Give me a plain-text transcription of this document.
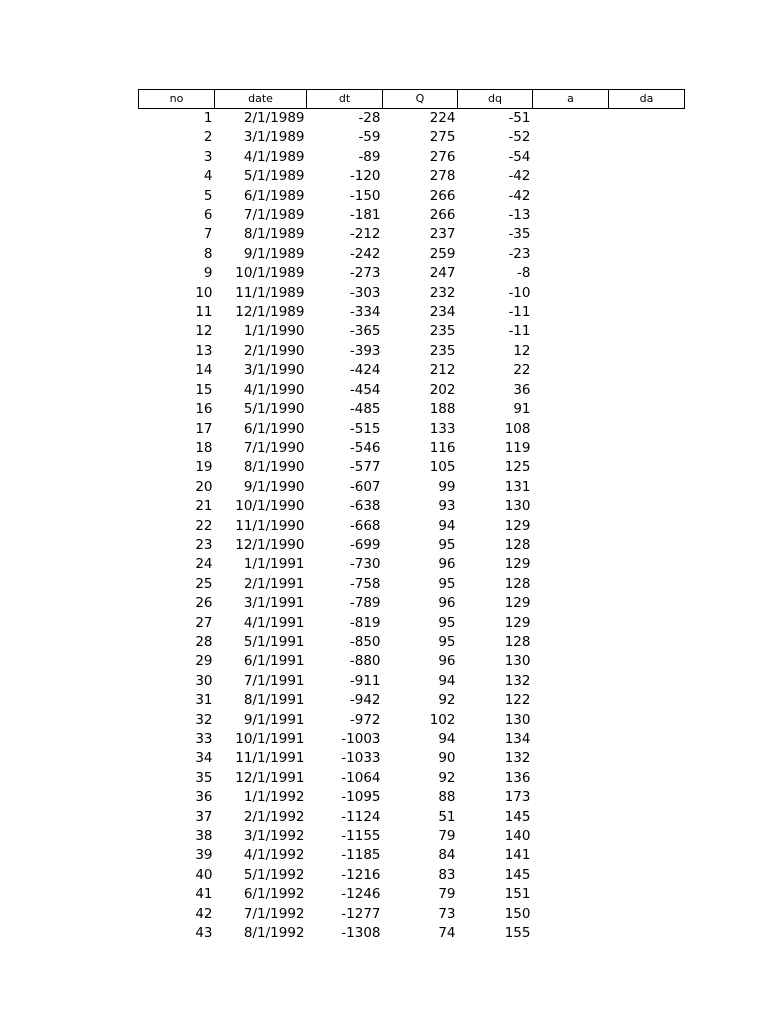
no	date	dt	Q	dq	a	da
1	2/1/1989	-28	224	-51		
2	3/1/1989	-59	275	-52		
3	4/1/1989	-89	276	-54		
4	5/1/1989	-120	278	-42		
5	6/1/1989	-150	266	-42		
6	7/1/1989	-181	266	-13		
7	8/1/1989	-212	237	-35		
8	9/1/1989	-242	259	-23		
9	10/1/1989	-273	247	-8		
10	11/1/1989	-303	232	-10		
11	12/1/1989	-334	234	-11		
12	1/1/1990	-365	235	-11		
13	2/1/1990	-393	235	12		
14	3/1/1990	-424	212	22		
15	4/1/1990	-454	202	36		
16	5/1/1990	-485	188	91		
17	6/1/1990	-515	133	108		
18	7/1/1990	-546	116	119		
19	8/1/1990	-577	105	125		
20	9/1/1990	-607	99	131		
21	10/1/1990	-638	93	130		
22	11/1/1990	-668	94	129		
23	12/1/1990	-699	95	128		
24	1/1/1991	-730	96	129		
25	2/1/1991	-758	95	128		
26	3/1/1991	-789	96	129		
27	4/1/1991	-819	95	129		
28	5/1/1991	-850	95	128		
29	6/1/1991	-880	96	130		
30	7/1/1991	-911	94	132		
31	8/1/1991	-942	92	122		
32	9/1/1991	-972	102	130		
33	10/1/1991	-1003	94	134		
34	11/1/1991	-1033	90	132		
35	12/1/1991	-1064	92	136		
36	1/1/1992	-1095	88	173		
37	2/1/1992	-1124	51	145		
38	3/1/1992	-1155	79	140		
39	4/1/1992	-1185	84	141		
40	5/1/1992	-1216	83	145		
41	6/1/1992	-1246	79	151		
42	7/1/1992	-1277	73	150		
43	8/1/1992	-1308	74	155		
